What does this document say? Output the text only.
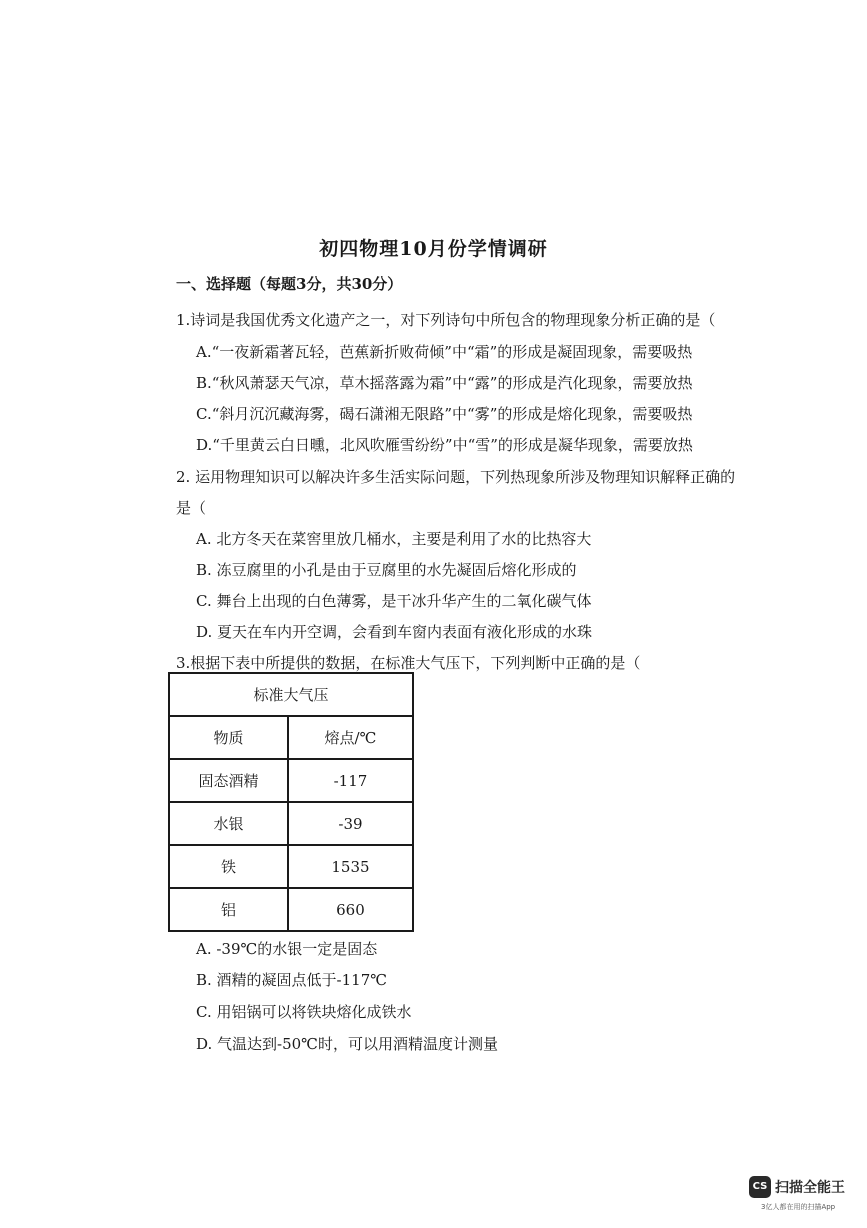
初四物理10月份学情调研
一、选择题（每题3分，共30分）
1.诗词是我国优秀文化遗产之一，对下列诗句中所包含的物理现象分析正确的是（
A.“一夜新霜著瓦轻，芭蕉新折败荷倾”中“霜”的形成是凝固现象，需要吸热
B.“秋风萧瑟天气凉，草木摇落露为霜”中“露”的形成是汽化现象，需要放热
C.“斜月沉沉藏海雾，碣石潇湘无限路”中“雾”的形成是熔化现象，需要吸热
D.“千里黄云白日曛，北风吹雁雪纷纷”中“雪”的形成是凝华现象，需要放热
2. 运用物理知识可以解决许多生活实际问题，下列热现象所涉及物理知识解释正确的
是（
A. 北方冬天在菜窖里放几桶水，主要是利用了水的比热容大
B. 冻豆腐里的小孔是由于豆腐里的水先凝固后熔化形成的
C. 舞台上出现的白色薄雾，是干冰升华产生的二氧化碳气体
D. 夏天在车内开空调，会看到车窗内表面有液化形成的水珠
3.根据下表中所提供的数据，在标准大气压下，下列判断中正确的是（
标准大气压	
物质	熔点/℃
固态酒精	-117
水银	-39
铁	1535
铝	660
A. -39℃的水银一定是固态
B. 酒精的凝固点低于-117℃
C. 用铝锅可以将铁块熔化成铁水
D. 气温达到-50℃时，可以用酒精温度计测量
CS 扫描全能王
3亿人都在用的扫描App
